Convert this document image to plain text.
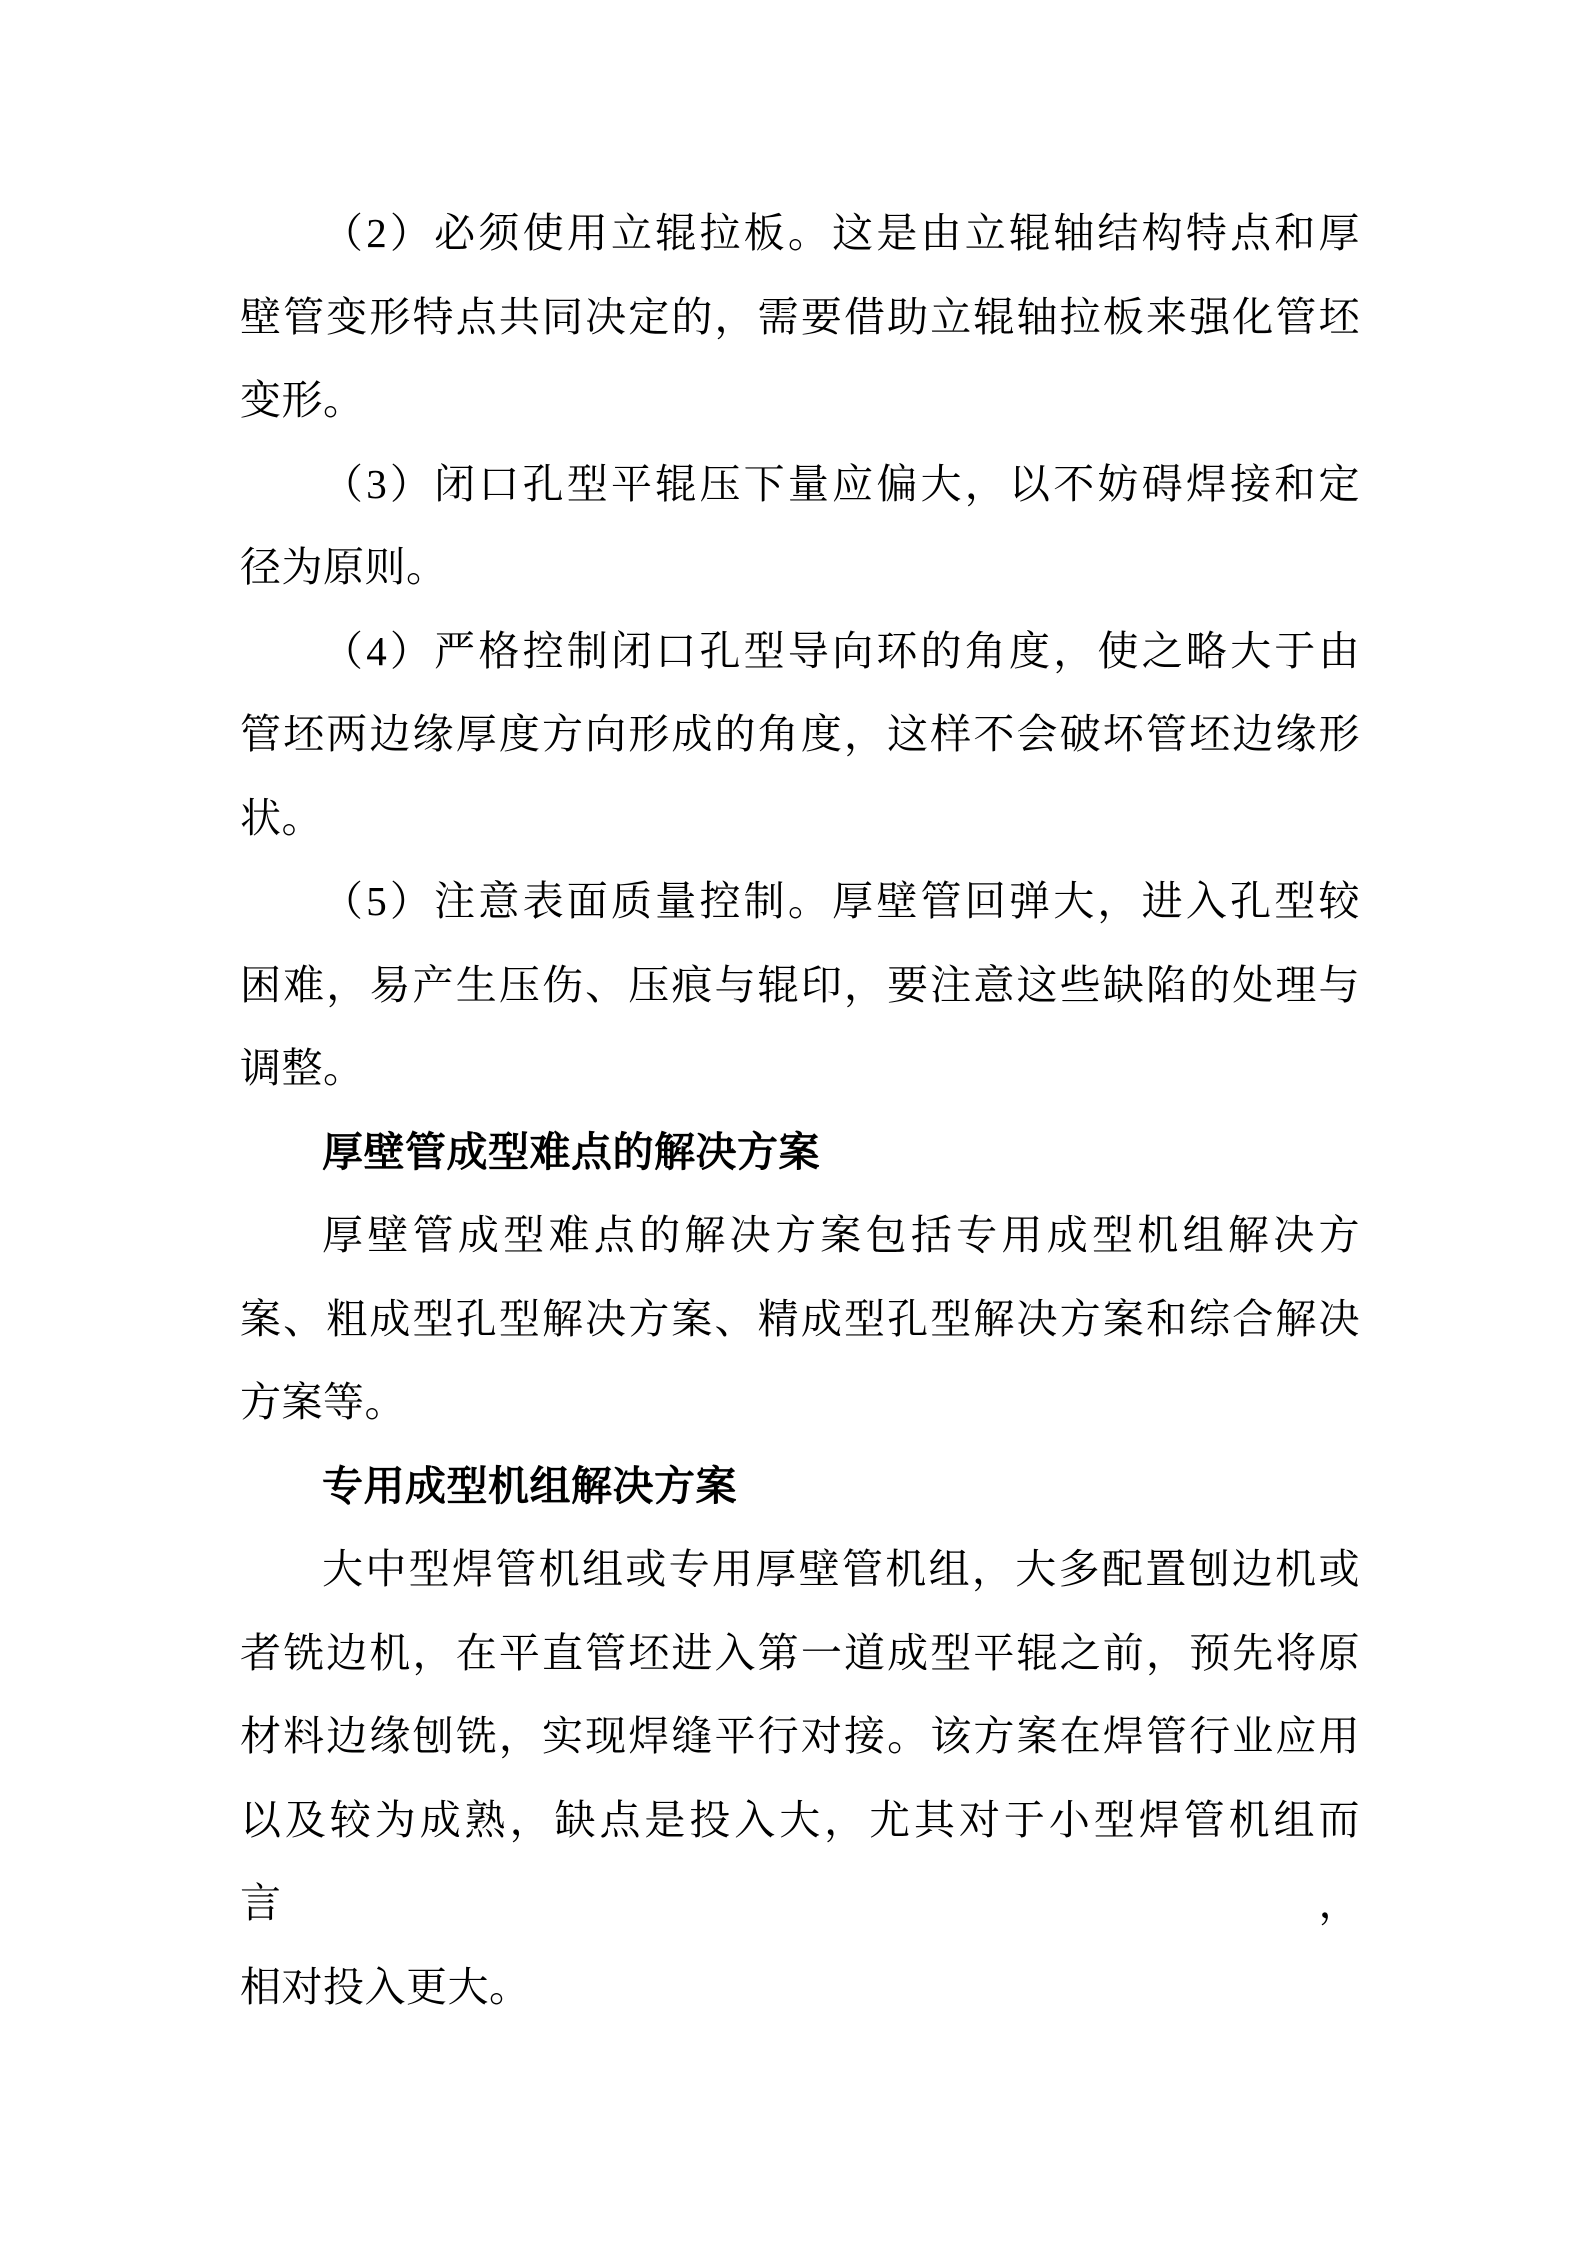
（2）必须使用立辊拉板。这是由立辊轴结构特点和厚
壁管变形特点共同决定的，需要借助立辊轴拉板来强化管坯
变形。
（3）闭口孔型平辊压下量应偏大，以不妨碍焊接和定
径为原则。
（4）严格控制闭口孔型导向环的角度，使之略大于由
管坯两边缘厚度方向形成的角度，这样不会破坏管坯边缘形
状。
（5）注意表面质量控制。厚壁管回弹大，进入孔型较
困难，易产生压伤、压痕与辊印，要注意这些缺陷的处理与
调整。
厚壁管成型难点的解决方案
厚壁管成型难点的解决方案包括专用成型机组解决方
案、粗成型孔型解决方案、精成型孔型解决方案和综合解决
方案等。
专用成型机组解决方案
大中型焊管机组或专用厚壁管机组，大多配置刨边机或
者铣边机，在平直管坯进入第一道成型平辊之前，预先将原
材料边缘刨铣，实现焊缝平行对接。该方案在焊管行业应用
以及较为成熟，缺点是投入大，尤其对于小型焊管机组而言，
相对投入更大。
